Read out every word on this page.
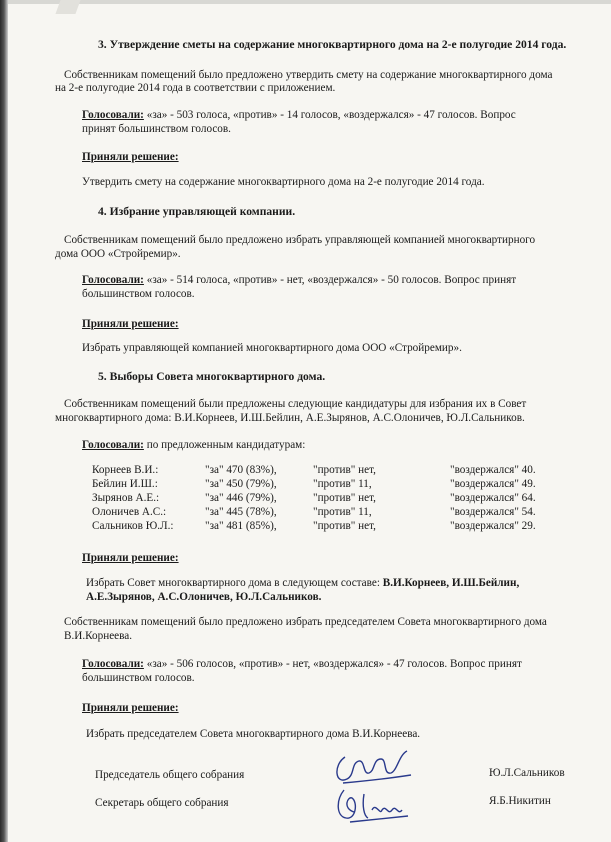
3. Утверждение сметы на содержание многоквартирного дома на 2-е полугодие 2014 года.
Собственникам помещений было предложено утвердить смету на содержание многоквартирного дома
на 2-е полугодие 2014 года в соответствии с приложением.
Голосовали: «за» - 503 голоса, «против» - 14 голосов, «воздержался» - 47 голосов. Вопрос
принят большинством голосов.
Приняли решение:
Утвердить смету на содержание многоквартирного дома на 2-е полугодие 2014 года.
4. Избрание управляющей компании.
Собственникам помещений было предложено избрать управляющей компанией многоквартирного
дома ООО «Стройремир».
Голосовали: «за» - 514 голоса, «против» - нет, «воздержался» - 50 голосов. Вопрос принят
большинством голосов.
Приняли решение:
Избрать управляющей компанией многоквартирного дома ООО «Стройремир».
5. Выборы Совета многоквартирного дома.
Собственникам помещений были предложены следующие кандидатуры для избрания их в Совет
многоквартирного дома: В.И.Корнеев, И.Ш.Бейлин, А.Е.Зырянов, А.С.Олоничев, Ю.Л.Сальников.
Голосовали: по предложенным кандидатурам:
Корнеев В.И.:	"за" 470 (83%),	"против" нет,	"воздержался" 40.
Бейлин И.Ш.:	"за" 450 (79%),	"против" 11,	"воздержался" 49.
Зырянов А.Е.:	"за" 446 (79%),	"против" нет,	"воздержался" 64.
Олоничев А.С.:	"за" 445 (78%),	"против" 11,	"воздержался" 54.
Сальников Ю.Л.:	"за" 481 (85%),	"против" нет,	"воздержался" 29.
Приняли решение:
Избрать Совет многоквартирного дома в следующем составе: В.И.Корнеев, И.Ш.Бейлин,
А.Е.Зырянов, А.С.Олоничев, Ю.Л.Сальников.
Собственникам помещений было предложено избрать председателем Совета многоквартирного дома
В.И.Корнеева.
Голосовали: «за» - 506 голосов, «против» - нет, «воздержался» - 47 голосов. Вопрос принят
большинством голосов.
Приняли решение:
Избрать председателем Совета многоквартирного дома В.И.Корнеева.
Председатель общего собрания	Ю.Л.Сальников
Секретарь общего собрания	Я.Б.Никитин
